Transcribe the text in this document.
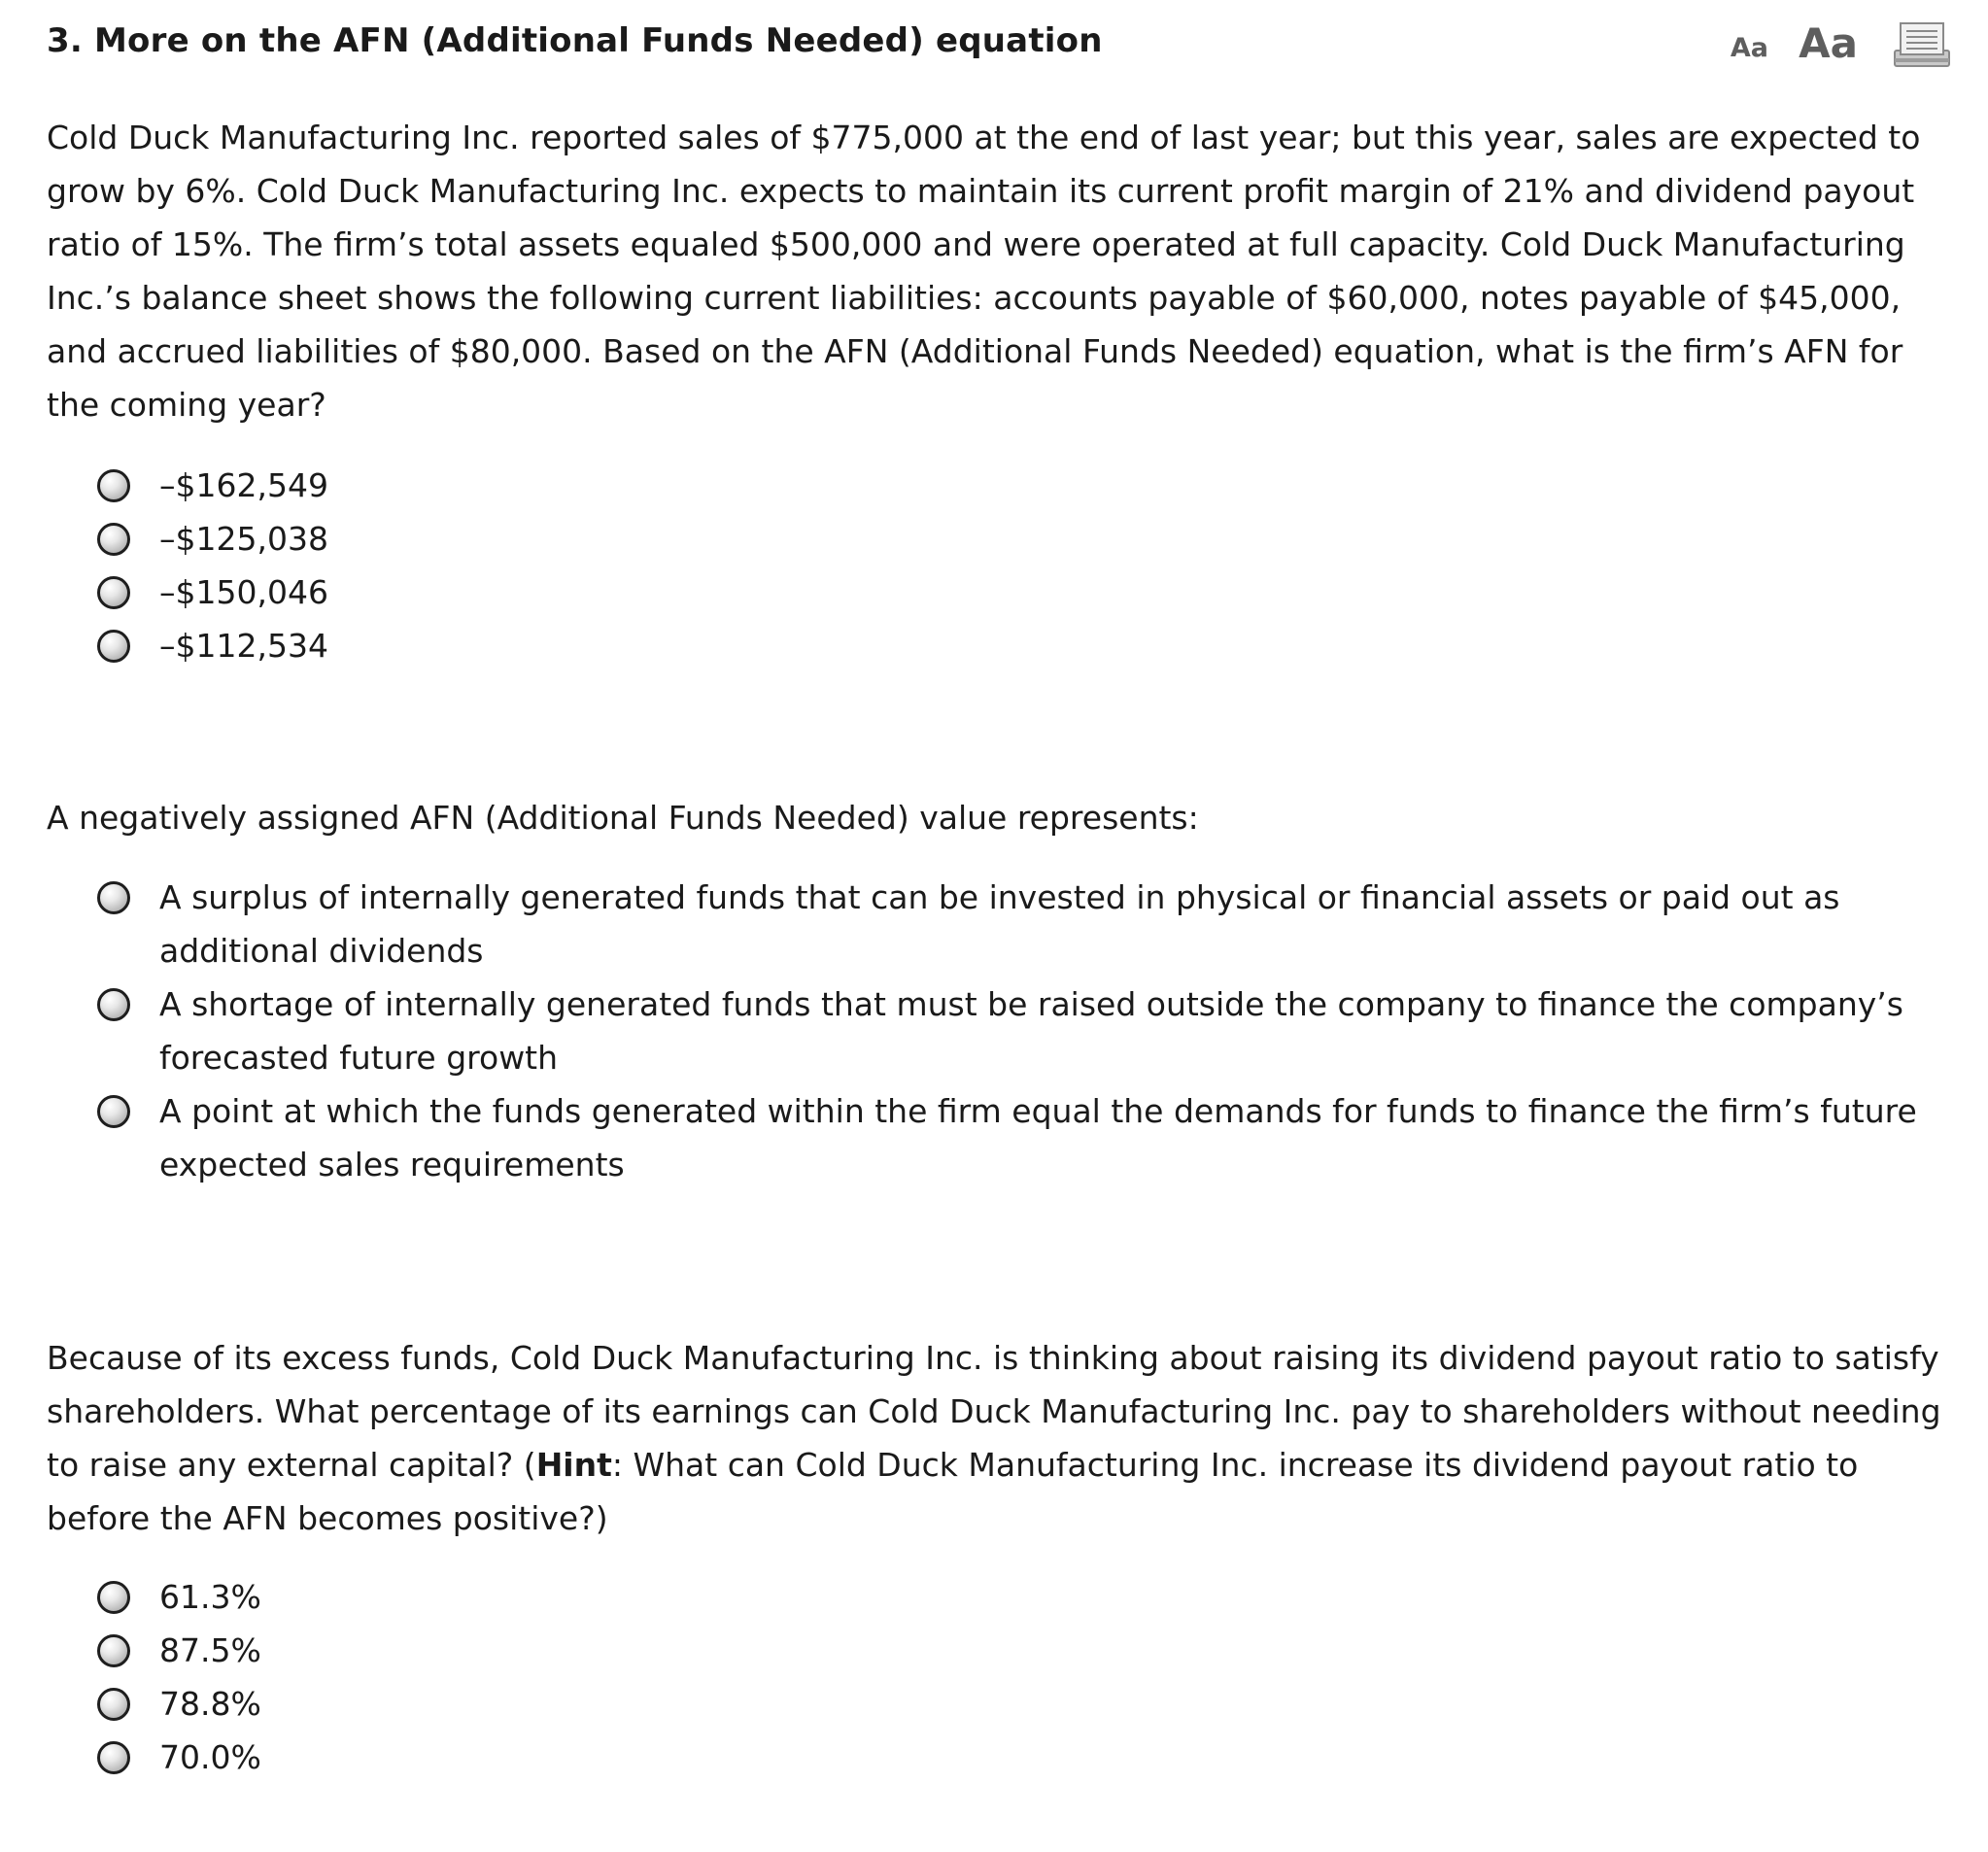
3. More on the AFN (Additional Funds Needed) equation	Aa Aa
Cold Duck Manufacturing Inc. reported sales of $775,000 at the end of last year; but this year, sales are expected to grow by 6%. Cold Duck Manufacturing Inc. expects to maintain its current profit margin of 21% and dividend payout ratio of 15%. The firm’s total assets equaled $500,000 and were operated at full capacity. Cold Duck Manufacturing Inc.’s balance sheet shows the following current liabilities: accounts payable of $60,000, notes payable of $45,000, and accrued liabilities of $80,000. Based on the AFN (Additional Funds Needed) equation, what is the firm’s AFN for the coming year?
–$162,549
–$125,038
–$150,046
–$112,534
A negatively assigned AFN (Additional Funds Needed) value represents:
A surplus of internally generated funds that can be invested in physical or financial assets or paid out as additional dividends
A shortage of internally generated funds that must be raised outside the company to finance the company’s forecasted future growth
A point at which the funds generated within the firm equal the demands for funds to finance the firm’s future expected sales requirements
Because of its excess funds, Cold Duck Manufacturing Inc. is thinking about raising its dividend payout ratio to satisfy shareholders. What percentage of its earnings can Cold Duck Manufacturing Inc. pay to shareholders without needing to raise any external capital? (Hint: What can Cold Duck Manufacturing Inc. increase its dividend payout ratio to before the AFN becomes positive?)
61.3%
87.5%
78.8%
70.0%
